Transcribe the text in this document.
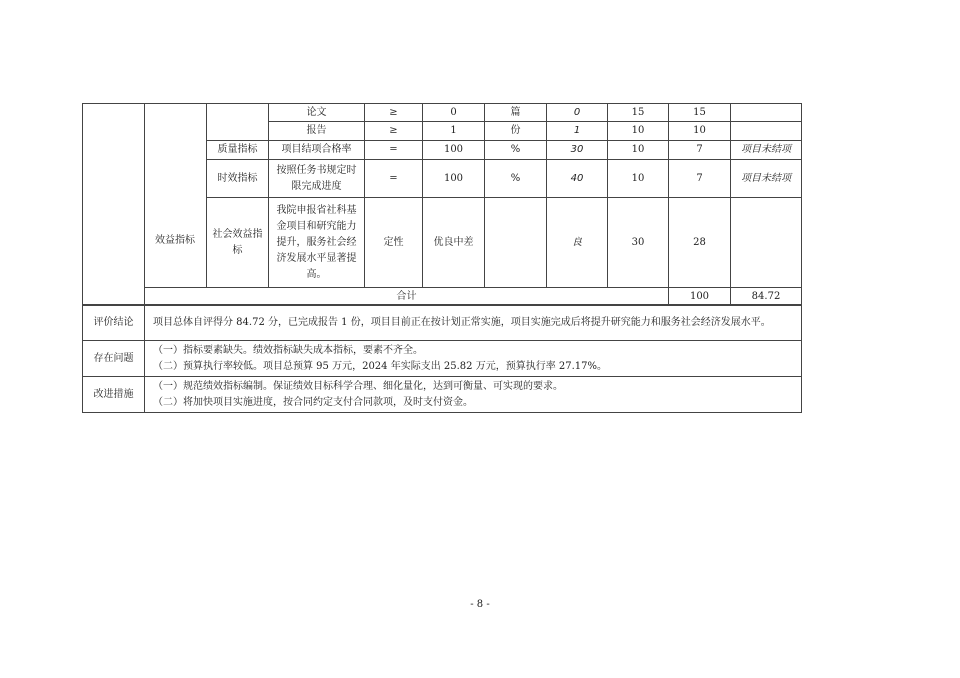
			论文	≥	0	篇	0	15	15		
			报告	≥	1	份	1	10	10		
		质量指标	项目结项合格率	=	100	%	30	10	7	项目未结项	
		时效指标	按照任务书规定时限完成进度	=	100	%	40	10	7	项目未结项	

		社会效益指标	我院申报省社科基金项目和研究能力提升，服务社会经济发展水平显著提高。	定性	优良中差		良	30	28		
	合计								100	84.72	
效益指标
评价结论	项目总体自评得分 84.72 分，已完成报告 1 份，项目目前正在按计划正常实施，项目实施完成后将提升研究能力和服务社会经济发展水平。

存在问题	（一）指标要素缺失。绩效指标缺失成本指标，要素不齐全。
（二）预算执行率较低。项目总预算 95 万元，2024 年实际支出 25.82 万元，预算执行率 27.17%。

改进措施	（一）规范绩效指标编制。保证绩效目标科学合理、细化量化，达到可衡量、可实现的要求。
（二）将加快项目实施进度，按合同约定支付合同款项，及时支付资金。
- 8 -
